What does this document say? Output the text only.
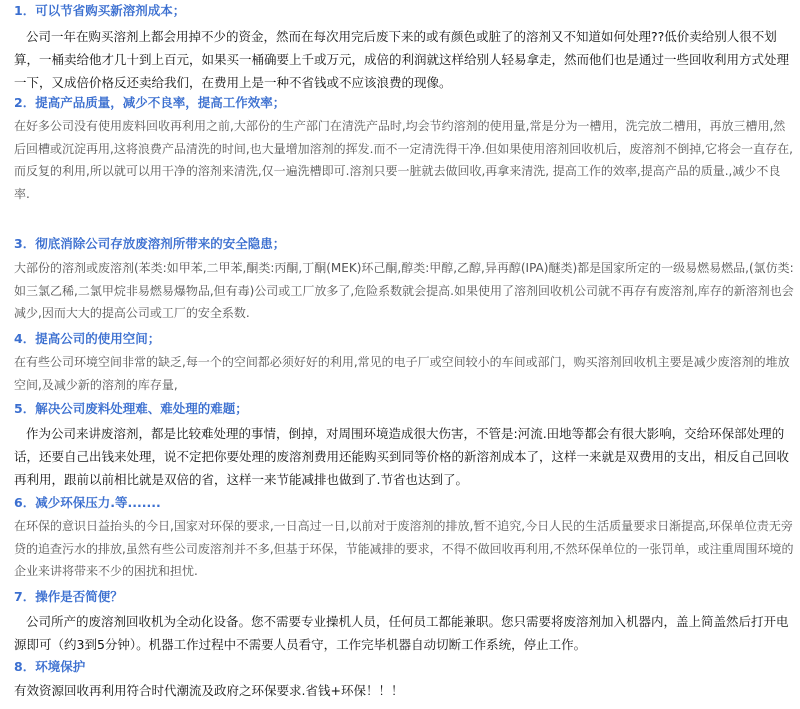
1．可以节省购买新溶剂成本；
公司一年在购买溶剂上都会用掉不少的资金，然而在每次用完后废下来的或有颜色或脏了的溶剂又不知道如何处理??低价卖给别人很不划算，一桶卖给他才几十到上百元，如果买一桶确要上千或万元，成倍的利润就这样给别人轻易拿走，然而他们也是通过一些回收利用方式处理一下，又成倍价格反还卖给我们，在费用上是一种不省钱或不应该浪费的现像。
2．提高产品质量，减少不良率，提高工作效率；
在好多公司没有使用废料回收再利用之前,大部份的生产部门在清洗产品时,均会节约溶剂的使用量,常是分为一槽用，洗完放二槽用，再放三槽用,然后回槽或沉淀再用,这将浪费产品清洗的时间,也大量增加溶剂的挥发.而不一定清洗得干净.但如果使用溶剂回收机后，废溶剂不倒掉,它将会一直存在,而反复的利用,所以就可以用干净的溶剂来清洗,仅一遍洗槽即可.溶剂只要一脏就去做回收,再拿来清洗, 提高工作的效率,提高产品的质量.,减少不良率.
3．彻底消除公司存放废溶剂所带来的安全隐患；
大部份的溶剂或废溶剂(苯类:如甲苯,二甲苯,酮类:丙酮,丁酮(MEK)环己酮,醇类:甲醇,乙醇,异再醇(IPA)醚类)都是国家所定的一级易燃易燃品,(氯仿类:如三氯乙稀,二氯甲烷非易燃易爆物品,但有毒)公司或工厂放多了,危险系数就会提高.如果使用了溶剂回收机公司就不再存有废溶剂,库存的新溶剂也会减少,因而大大的提高公司或工厂的安全系数.
4．提高公司的使用空间；
在有些公司环境空间非常的缺乏,每一个的空间都必须好好的利用,常见的电子厂或空间较小的车间或部门，购买溶剂回收机主要是减少废溶剂的堆放空间,及减少新的溶剂的库存量,
5．解决公司废料处理难、难处理的难题；
作为公司来讲废溶剂，都是比较难处理的事情，倒掉，对周围环境造成很大伤害，不管是:河流.田地等都会有很大影响，交给环保部处理的话，还要自己出钱来处理，说不定把你要处理的废溶剂费用还能购买到同等价格的新溶剂成本了，这样一来就是双费用的支出，相反自己回收再利用，跟前以前相比就是双倍的省，这样一来节能减排也做到了.节省也达到了。
6．减少环保压力.等.......
在环保的意识日益抬头的今日,国家对环保的要求,一日高过一日,以前对于废溶剂的排放,暂不追究,今日人民的生活质量要求日渐提高,环保单位责无旁贷的追查污水的排放,虽然有些公司废溶剂并不多,但基于环保，节能减排的要求，不得不做回收再利用,不然环保单位的一张罚单，或注重周围环境的企业来讲将带来不少的困扰和担忧.
7．操作是否简便？
公司所产的废溶剂回收机为全动化设备。您不需要专业操机人员，任何员工都能兼职。您只需要将废溶剂加入机器内，盖上简盖然后打开电源即可（约3到5分钟）。机器工作过程中不需要人员看守，工作完毕机器自动切断工作系统，停止工作。
8．环境保护
有效资源回收再利用符合时代潮流及政府之环保要求.省钱+环保！！！
